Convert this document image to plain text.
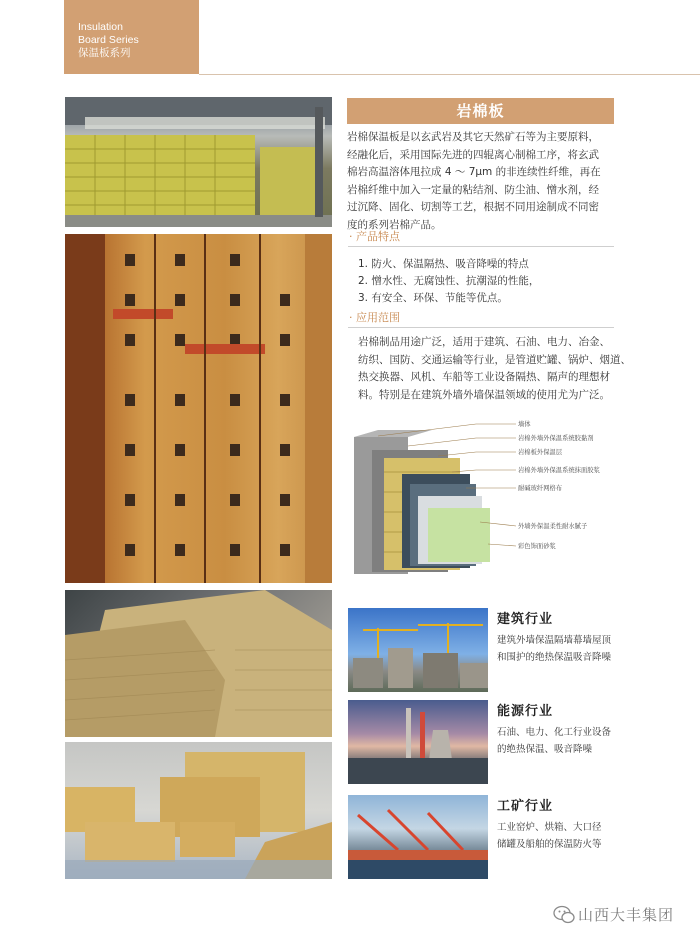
Insulation
Board Series
保温板系列
岩棉板
岩棉保温板是以玄武岩及其它天然矿石等为主要原料，
经融化后，采用国际先进的四辊离心制棉工序，将玄武
棉岩高温溶体甩拉成 4 ～ 7μm 的非连续性纤维，再在
岩棉纤维中加入一定量的粘结剂、防尘油、憎水剂，经
过沉降、固化、切割等工艺，根据不同用途制成不同密
度的系列岩棉产品。
· 产品特点
1. 防火、保温隔热、吸音降噪的特点
2. 憎水性、无腐蚀性、抗潮湿的性能，
3. 有安全、环保、节能等优点。
· 应用范围
岩棉制品用途广泛，适用于建筑、石油、电力、冶金、
纺织、国防、交通运输等行业，是管道贮罐、锅炉、烟道、
热交换器、风机、车船等工业设备隔热、隔声的理想材
料。特别是在建筑外墙外墙保温领域的使用尤为广泛。
墙体
岩棉外墙外保温系统胶黏剂
岩棉板外保温层
岩棉外墙外保温系统抹面胶浆
耐碱玻纤网格布
外墙外保温柔性耐水腻子
彩色饰面砂浆
建筑行业
建筑外墙保温隔墙幕墙屋顶
和围护的绝热保温吸音降噪
能源行业
石油、电力、化工行业设备
的绝热保温、吸音降噪
工矿行业
工业窑炉、烘箱、大口径
储罐及船舶的保温防火等
山西大丰集团
